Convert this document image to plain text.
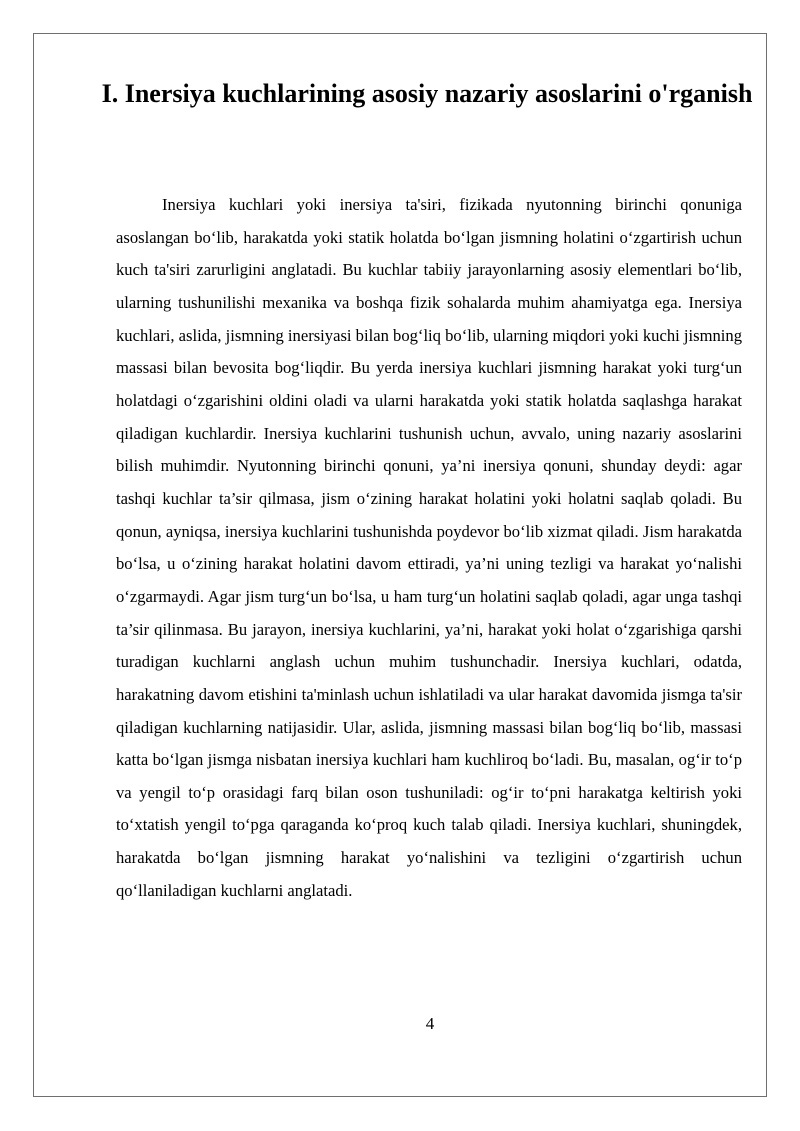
I. Inersiya kuchlarining asosiy nazariy asoslarini o'rganish

Inersiya kuchlari yoki inersiya ta'siri, fizikada nyutonning birinchi qonuniga asoslangan bo‘lib, harakatda yoki statik holatda bo‘lgan jismning holatini o‘zgartirish uchun kuch ta'siri zarurligini anglatadi. Bu kuchlar tabiiy jarayonlarning asosiy elementlari bo‘lib, ularning tushunilishi mexanika va boshqa fizik sohalarda muhim ahamiyatga ega. Inersiya kuchlari, aslida, jismning inersiyasi bilan bog‘liq bo‘lib, ularning miqdori yoki kuchi jismning massasi bilan bevosita bog‘liqdir. Bu yerda inersiya kuchlari jismning harakat yoki turg‘un holatdagi o‘zgarishini oldini oladi va ularni harakatda yoki statik holatda saqlashga harakat qiladigan kuchlardir. Inersiya kuchlarini tushunish uchun, avvalo, uning nazariy asoslarini bilish muhimdir. Nyutonning birinchi qonuni, ya’ni inersiya qonuni, shunday deydi: agar tashqi kuchlar ta’sir qilmasa, jism o‘zining harakat holatini yoki holatni saqlab qoladi. Bu qonun, ayniqsa, inersiya kuchlarini tushunishda poydevor bo‘lib xizmat qiladi. Jism harakatda bo‘lsa, u o‘zining harakat holatini davom ettiradi, ya’ni uning tezligi va harakat yo‘nalishi o‘zgarmaydi. Agar jism turg‘un bo‘lsa, u ham turg‘un holatini saqlab qoladi, agar unga tashqi ta’sir qilinmasa. Bu jarayon, inersiya kuchlarini, ya’ni, harakat yoki holat o‘zgarishiga qarshi turadigan kuchlarni anglash uchun muhim tushunchadir. Inersiya kuchlari, odatda, harakatning davom etishini ta'minlash uchun ishlatiladi va ular harakat davomida jismga ta'sir qiladigan kuchlarning natijasidir. Ular, aslida, jismning massasi bilan bog‘liq bo‘lib, massasi katta bo‘lgan jismga nisbatan inersiya kuchlari ham kuchliroq bo‘ladi. Bu, masalan, og‘ir to‘p va yengil to‘p orasidagi farq bilan oson tushuniladi: og‘ir to‘pni harakatga keltirish yoki to‘xtatish yengil to‘pga qaraganda ko‘proq kuch talab qiladi. Inersiya kuchlari, shuningdek, harakatda bo‘lgan jismning harakat yo‘nalishini va tezligini o‘zgartirish uchun qo‘llaniladigan kuchlarni anglatadi.

4
